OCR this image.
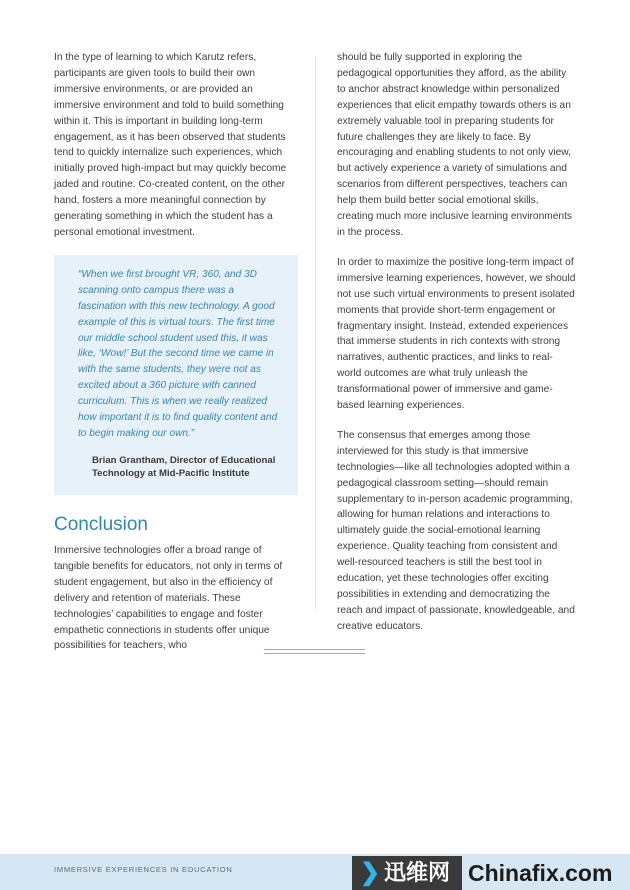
In the type of learning to which Karutz refers, participants are given tools to build their own immersive environments, or are provided an immersive environment and told to build something within it. This is important in building long-term engagement, as it has been observed that students tend to quickly internalize such experiences, which initially proved high-impact but may quickly become jaded and routine. Co-created content, on the other hand, fosters a more meaningful connection by generating something in which the student has a personal emotional investment.

“When we first brought VR, 360, and 3D scanning onto campus there was a fascination with this new technology. A good example of this is virtual tours. The first time our middle school student used this, it was like, ‘Wow!’ But the second time we came in with the same students, they were not as excited about a 360 picture with canned curriculum. This is when we really realized how important it is to find quality content and to begin making our own.”

Brian Grantham, Director of Educational
Technology at Mid-Pacific Institute

Conclusion

Immersive technologies offer a broad range of tangible benefits for educators, not only in terms of student engagement, but also in the efficiency of delivery and retention of materials. These technologies’ capabilities to engage and foster empathetic connections in students offer unique possibilities for teachers, who

should be fully supported in exploring the pedagogical opportunities they afford, as the ability to anchor abstract knowledge within personalized experiences that elicit empathy towards others is an extremely valuable tool in preparing students for future challenges they are likely to face. By encouraging and enabling students to not only view, but actively experience a variety of simulations and scenarios from different perspectives, teachers can help them build better social emotional skills, creating much more inclusive learning environments in the process.

In order to maximize the positive long-term impact of immersive learning experiences, however, we should not use such virtual environments to present isolated moments that provide short-term engagement or fragmentary insight. Instead, extended experiences that immerse students in rich contexts with strong narratives, authentic practices, and links to real-world outcomes are what truly unleash the transformational power of immersive and game-based learning experiences.

The consensus that emerges among those interviewed for this study is that immersive technologies—like all technologies adopted within a pedagogical classroom setting—should remain supplementary to in-person academic programming, allowing for human relations and interactions to ultimately guide the social-emotional learning experience. Quality teaching from consistent and well-resourced teachers is still the best tool in education, yet these technologies offer exciting possibilities in extending and democratizing the reach and impact of passionate, knowledgeable, and creative educators.

IMMERSIVE EXPERIENCES IN EDUCATION	❯ 迅维网 Chinafix.com
